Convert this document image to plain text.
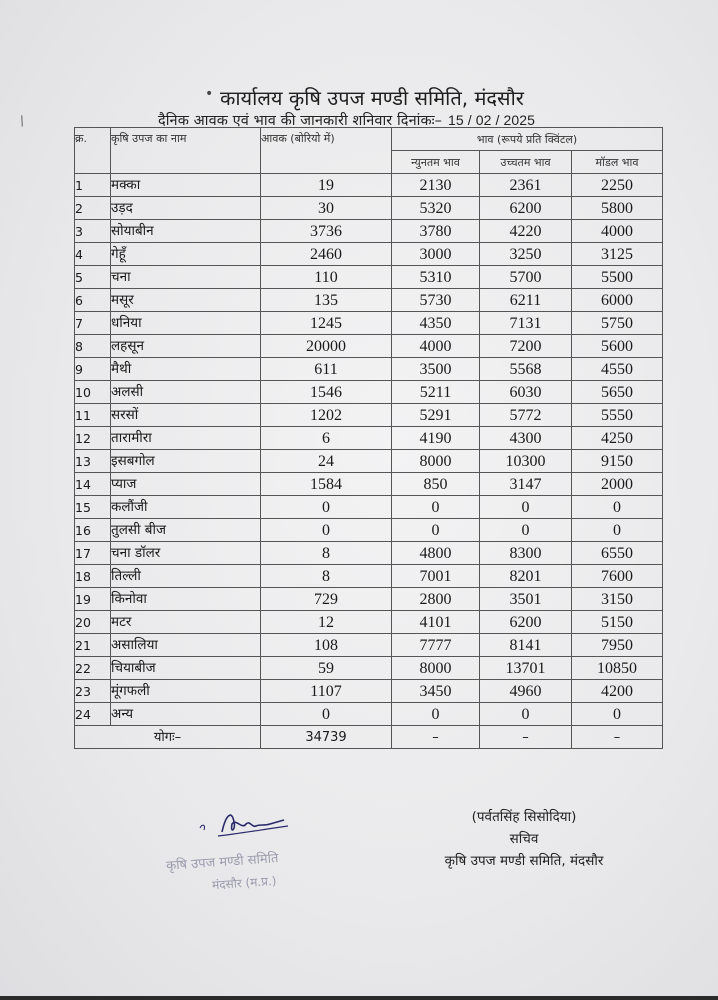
• कार्यालय कृषि उपज मण्डी समिति, मंदसौर
दैनिक आवक एवं भाव की जानकारी शनिवार दिनांकः– 15 / 02 / 2025
/
क्र.	कृषि उपज का नाम	आवक (बोरियो में)	भाव (रूपये प्रति क्विंटल)		
			न्युनतम भाव	उच्चतम भाव	मॉडल भाव
1	मक्का	19	2130	2361	2250
2	उड़द	30	5320	6200	5800
3	सोयाबीन	3736	3780	4220	4000
4	गेहूँ	2460	3000	3250	3125
5	चना	110	5310	5700	5500
6	मसूर	135	5730	6211	6000
7	धनिया	1245	4350	7131	5750
8	लहसून	20000	4000	7200	5600
9	मैथी	611	3500	5568	4550
10	अलसी	1546	5211	6030	5650
11	सरसों	1202	5291	5772	5550
12	तारामीरा	6	4190	4300	4250
13	इसबगोल	24	8000	10300	9150
14	प्याज	1584	850	3147	2000
15	कलौंजी	0	0	0	0
16	तुलसी बीज	0	0	0	0
17	चना डॉलर	8	4800	8300	6550
18	तिल्ली	8	7001	8201	7600
19	किनोवा	729	2800	3501	3150
20	मटर	12	4101	6200	5150
21	असालिया	108	7777	8141	7950
22	चियाबीज	59	8000	13701	10850
23	मूंगफली	1107	3450	4960	4200
24	अन्य	0	0	0	0
योगः–		34739	–	–	–
कृषि उपज मण्डी समिति
मंदसौर (म.प्र.)
(पर्वतसिंह सिसोदिया)
सचिव
कृषि उपज मण्डी समिति, मंदसौर
